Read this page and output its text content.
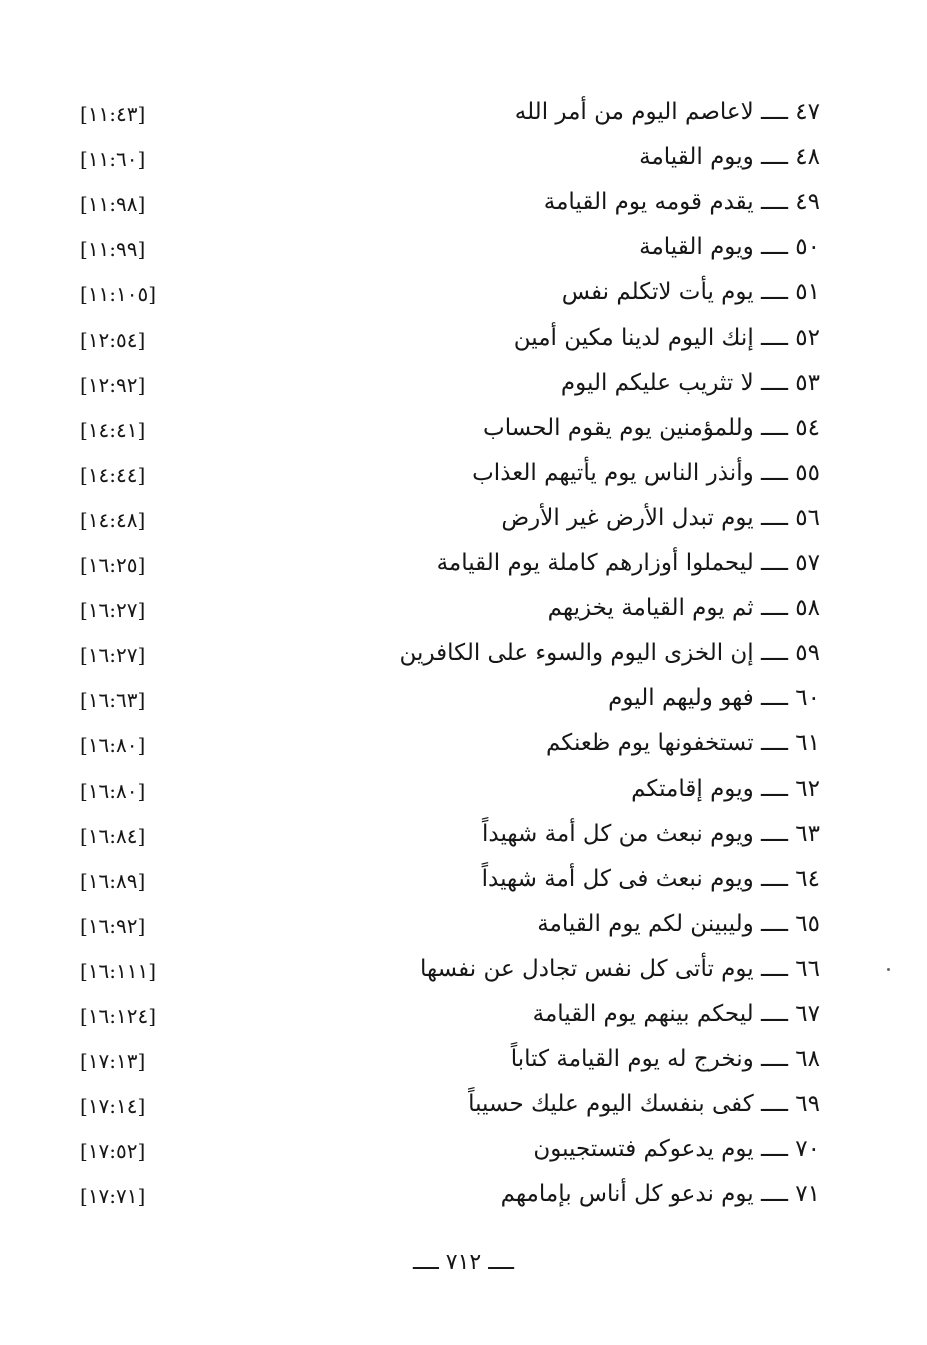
٤٧ ــــ لاعاصم اليوم من أمر الله
[١١:٤٣]
٤٨ ــــ ويوم القيامة
[١١:٦٠]
٤٩ ــــ يقدم قومه يوم القيامة
[١١:٩٨]
٥٠ ــــ ويوم القيامة
[١١:٩٩]
٥١ ــــ يوم يأت لاتكلم نفس
[١١:١٠٥]
٥٢ ــــ إنك اليوم لدينا مكين أمين
[١٢:٥٤]
٥٣ ــــ لا تثريب عليكم اليوم
[١٢:٩٢]
٥٤ ــــ وللمؤمنين يوم يقوم الحساب
[١٤:٤١]
٥٥ ــــ وأنذر الناس يوم يأتيهم العذاب
[١٤:٤٤]
٥٦ ــــ يوم تبدل الأرض غير الأرض
[١٤:٤٨]
٥٧ ــــ ليحملوا أوزارهم كاملة يوم القيامة
[١٦:٢٥]
٥٨ ــــ ثم يوم القيامة يخزيهم
[١٦:٢٧]
٥٩ ــــ إن الخزى اليوم والسوء على الكافرين
[١٦:٢٧]
٦٠ ــــ فهو وليهم اليوم
[١٦:٦٣]
٦١ ــــ تستخفونها يوم ظعنكم
[١٦:٨٠]
٦٢ ــــ ويوم إقامتكم
[١٦:٨٠]
٦٣ ــــ ويوم نبعث من كل أمة شهيداً
[١٦:٨٤]
٦٤ ــــ ويوم نبعث فى كل أمة شهيداً
[١٦:٨٩]
٦٥ ــــ وليبينن لكم يوم القيامة
[١٦:٩٢]
٦٦ ــــ يوم تأتى كل نفس تجادل عن نفسها
[١٦:١١١]
٦٧ ــــ ليحكم بينهم يوم القيامة
[١٦:١٢٤]
٦٨ ــــ ونخرج له يوم القيامة كتاباً
[١٧:١٣]
٦٩ ــــ كفى بنفسك اليوم عليك حسيباً
[١٧:١٤]
٧٠ ــــ يوم يدعوكم فتستجيبون
[١٧:٥٢]
٧١ ــــ يوم ندعو كل أناس بإمامهم
[١٧:٧١]
ــــ ٧١٢ ــــ
